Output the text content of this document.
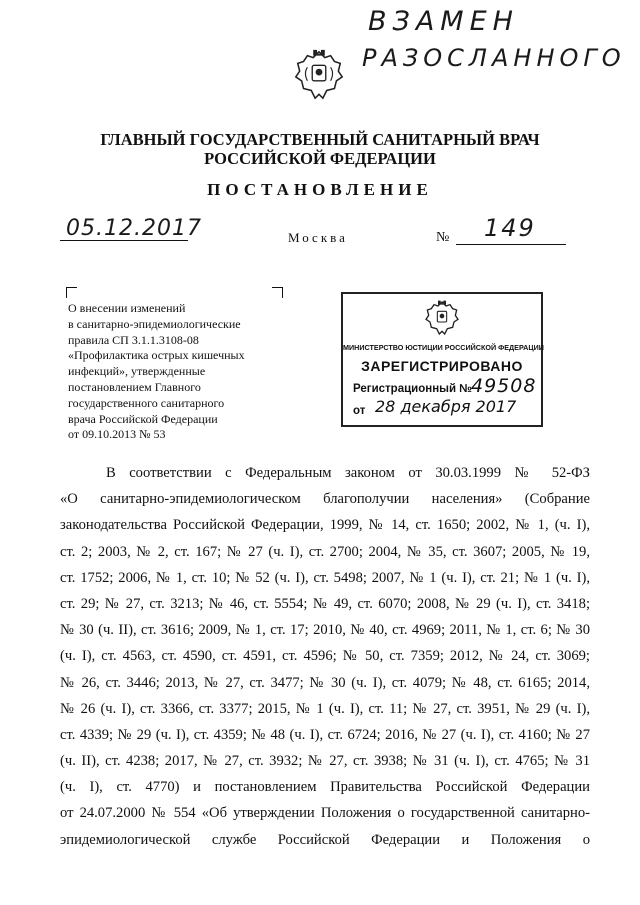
ВЗАМЕН
РАЗОСЛАННОГО
ГЛАВНЫЙ ГОСУДАРСТВЕННЫЙ САНИТАРНЫЙ ВРАЧ
РОССИЙСКОЙ ФЕДЕРАЦИИ
ПОСТАНОВЛЕНИЕ
05.12.2017	Москва	№ 149
О внесении изменений
в санитарно-эпидемиологические
правила СП 3.1.1.3108-08
«Профилактика острых кишечных
инфекций», утвержденные
постановлением Главного
государственного санитарного
врача Российской Федерации
от 09.10.2013 № 53
МИНИСТЕРСТВО ЮСТИЦИИ РОССИЙСКОЙ ФЕДЕРАЦИИ
ЗАРЕГИСТРИРОВАНО
Регистрационный №
49508
от 28 декабря 2017
В соответствии с Федеральным законом от 30.03.1999 № 52-ФЗ
«О санитарно-эпидемиологическом благополучии населения» (Собрание
законодательства Российской Федерации, 1999, № 14, ст. 1650; 2002, № 1, (ч. I),
ст. 2; 2003, № 2, ст. 167; № 27 (ч. I), ст. 2700; 2004, № 35, ст. 3607; 2005, № 19,
ст. 1752; 2006, № 1, ст. 10; № 52 (ч. I), ст. 5498; 2007, № 1 (ч. I), ст. 21; № 1 (ч. I),
ст. 29; № 27, ст. 3213; № 46, ст. 5554; № 49, ст. 6070; 2008, № 29 (ч. I), ст. 3418;
№ 30 (ч. II), ст. 3616; 2009, № 1, ст. 17; 2010, № 40, ст. 4969; 2011, № 1, ст. 6; № 30
(ч. I), ст. 4563, ст. 4590, ст. 4591, ст. 4596; № 50, ст. 7359; 2012, № 24, ст. 3069;
№ 26, ст. 3446; 2013, № 27, ст. 3477; № 30 (ч. I), ст. 4079; № 48, ст. 6165; 2014,
№ 26 (ч. I), ст. 3366, ст. 3377; 2015, № 1 (ч. I), ст. 11; № 27, ст. 3951, № 29 (ч. I),
ст. 4339; № 29 (ч. I), ст. 4359; № 48 (ч. I), ст. 6724; 2016, № 27 (ч. I), ст. 4160; № 27
(ч. II), ст. 4238; 2017, № 27, ст. 3932; № 27, ст. 3938; № 31 (ч. I), ст. 4765; № 31
(ч. I), ст. 4770) и постановлением Правительства Российской Федерации
от 24.07.2000 № 554 «Об утверждении Положения о государственной санитарно-
эпидемиологической службе Российской Федерации и Положения о
